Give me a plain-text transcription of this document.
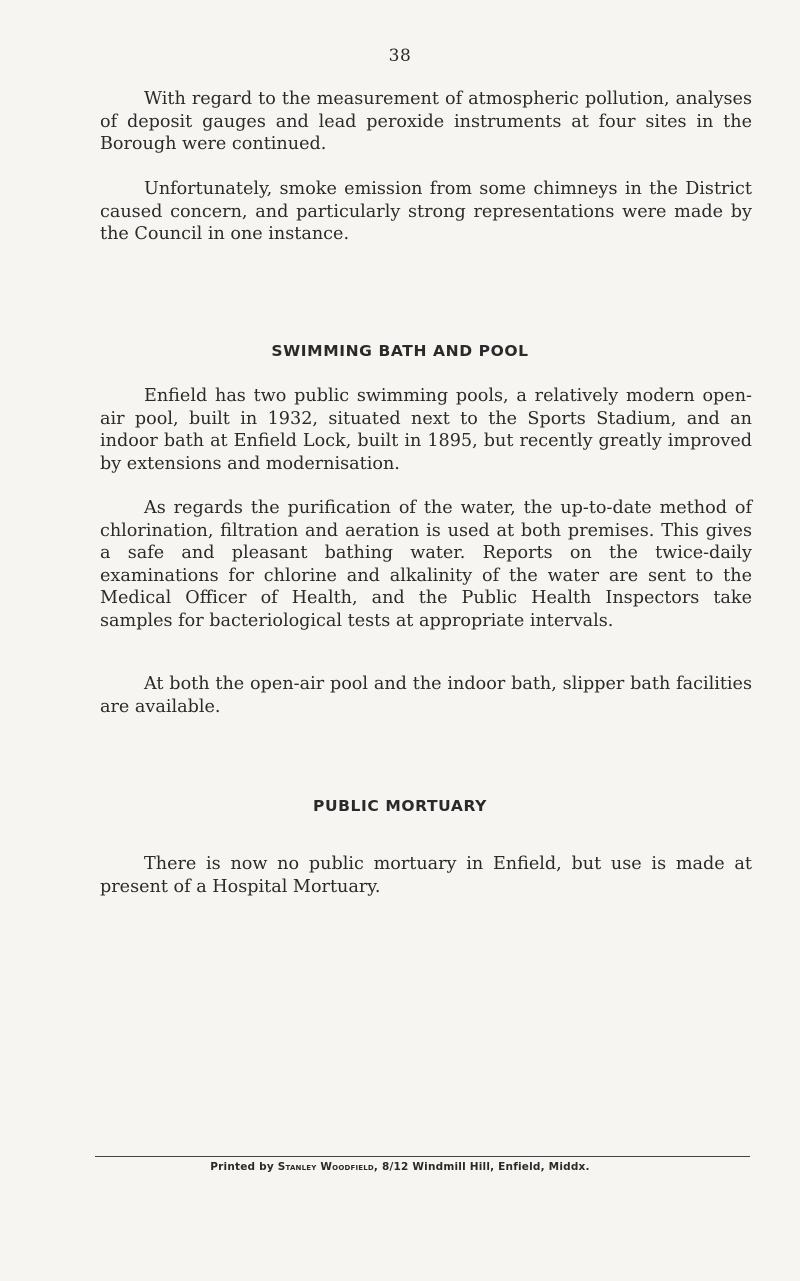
38

With regard to the measurement of atmospheric pollution, analyses of deposit gauges and lead peroxide instruments at four sites in the Borough were continued.

Unfortunately, smoke emission from some chimneys in the District caused concern, and particularly strong representations were made by the Council in one instance.

SWIMMING BATH AND POOL

Enfield has two public swimming pools, a relatively modern open-air pool, built in 1932, situated next to the Sports Stadium, and an indoor bath at Enfield Lock, built in 1895, but recently greatly improved by extensions and modernisation.

As regards the purification of the water, the up-to-date method of chlorination, filtration and aeration is used at both premises. This gives a safe and pleasant bathing water. Reports on the twice-daily examinations for chlorine and alkalinity of the water are sent to the Medical Officer of Health, and the Public Health Inspectors take samples for bacteriological tests at appropriate intervals.

At both the open-air pool and the indoor bath, slipper bath facilities are available.

PUBLIC MORTUARY

There is now no public mortuary in Enfield, but use is made at present of a Hospital Mortuary.

Printed by Stanley Woodfield, 8/12 Windmill Hill, Enfield, Middx.
